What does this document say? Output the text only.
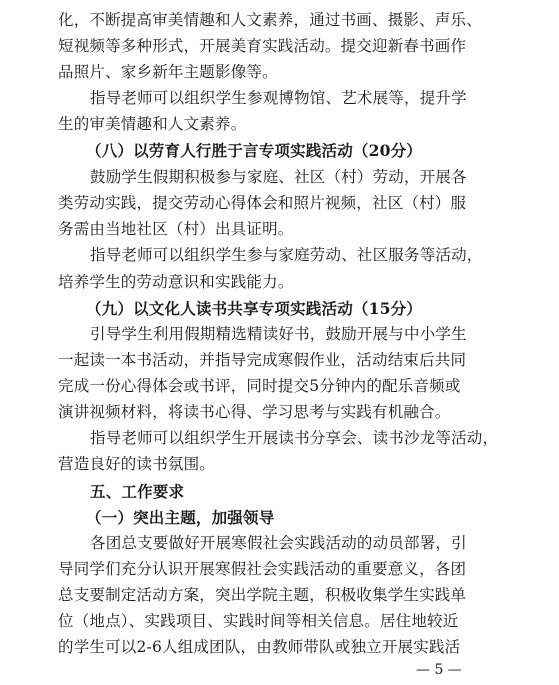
化，不断提高审美情趣和人文素养，通过书画、摄影、声乐、
短视频等多种形式，开展美育实践活动。提交迎新春书画作
品照片、家乡新年主题影像等。
指导老师可以组织学生参观博物馆、艺术展等，提升学
生的审美情趣和人文素养。
（八）以劳育人行胜于言专项实践活动（20分）
鼓励学生假期积极参与家庭、社区（村）劳动，开展各
类劳动实践，提交劳动心得体会和照片视频，社区（村）服
务需由当地社区（村）出具证明。
指导老师可以组织学生参与家庭劳动、社区服务等活动，
培养学生的劳动意识和实践能力。
（九）以文化人读书共享专项实践活动（15分）
引导学生利用假期精选精读好书，鼓励开展与中小学生
一起读一本书活动，并指导完成寒假作业，活动结束后共同
完成一份心得体会或书评，同时提交5分钟内的配乐音频或
演讲视频材料，将读书心得、学习思考与实践有机融合。
指导老师可以组织学生开展读书分享会、读书沙龙等活动，
营造良好的读书氛围。
五、工作要求
（一）突出主题，加强领导
各团总支要做好开展寒假社会实践活动的动员部署，引
导同学们充分认识开展寒假社会实践活动的重要意义，各团
总支要制定活动方案，突出学院主题，积极收集学生实践单
位（地点）、实践项目、实践时间等相关信息。居住地较近
的学生可以2-6人组成团队，由教师带队或独立开展实践活
— 5 —
